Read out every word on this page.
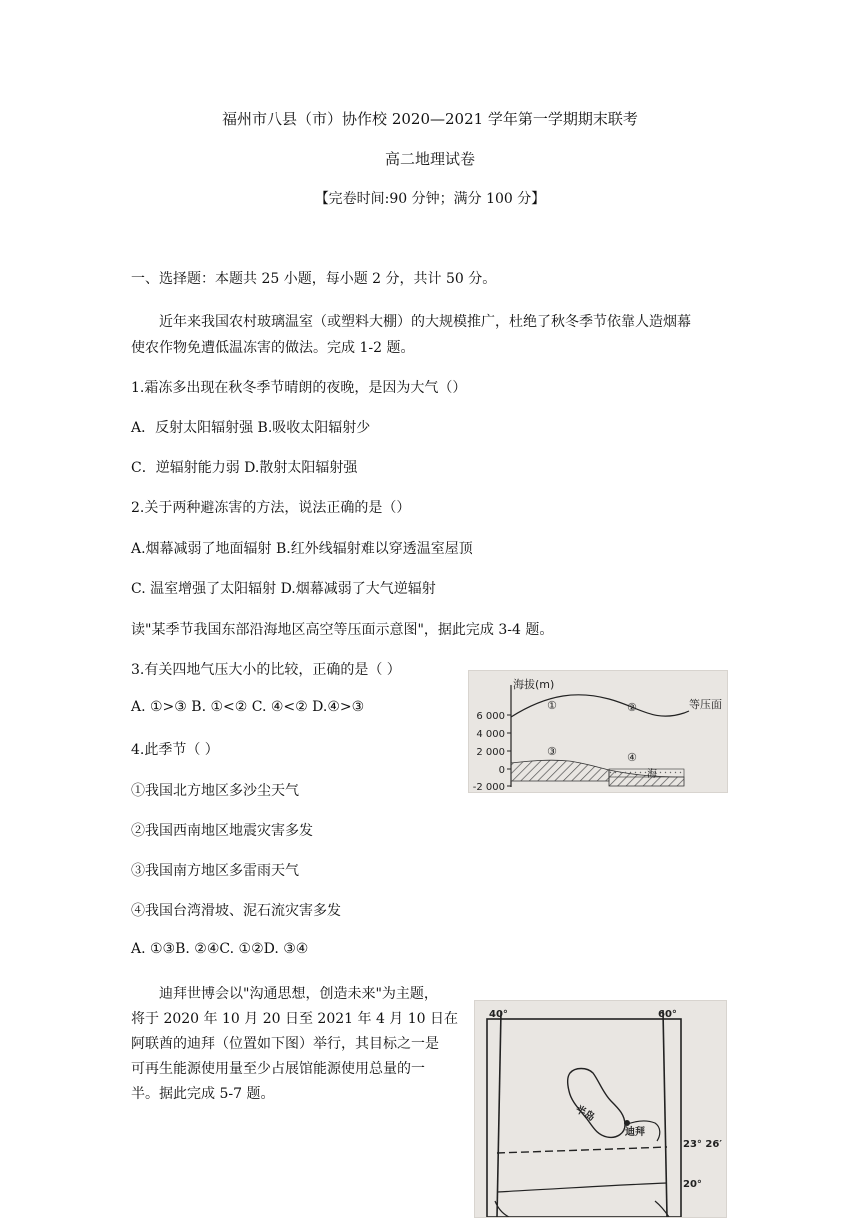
福州市八县（市）协作校 2020—2021 学年第一学期期末联考
高二地理试卷
【完卷时间:90 分钟；满分 100 分】
一、选择题：本题共 25 小题，每小题 2 分，共计 50 分。
近年来我国农村玻璃温室（或塑料大棚）的大规模推广，杜绝了秋冬季节依靠人造烟幕
使农作物免遭低温冻害的做法。完成 1-2 题。
1.霜冻多出现在秋冬季节晴朗的夜晚，是因为大气（）
A．反射太阳辐射强 B.吸收太阳辐射少
C．逆辐射能力弱 D.散射太阳辐射强
2.关于两种避冻害的方法，说法正确的是（）
A.烟幕减弱了地面辐射 B.红外线辐射难以穿透温室屋顶
C. 温室增强了太阳辐射 D.烟幕减弱了大气逆辐射
读"某季节我国东部沿海地区高空等压面示意图"，据此完成 3-4 题。
3.有关四地气压大小的比较，正确的是（ ）
A. ①>③ B. ①<② C. ④<② D.④>③
4.此季节（ ）
①我国北方地区多沙尘天气
②我国西南地区地震灾害多发
③我国南方地区多雷雨天气
④我国台湾滑坡、泥石流灾害多发
A. ①③B. ②④C. ①②D. ③④
迪拜世博会以"沟通思想，创造未来"为主题，
将于 2020 年 10 月 20 日至 2021 年 4 月 10 日在
阿联酋的迪拜（位置如下图）举行，其目标之一是
可再生能源使用量至少占展馆能源使用总量的一
半。据此完成 5-7 题。
海拔(m)
6 000
4 000
2 000
0
-2 000
①	②	等压面
海
③	④
40°	60°
23° 26′
20°
半岛
迪拜
